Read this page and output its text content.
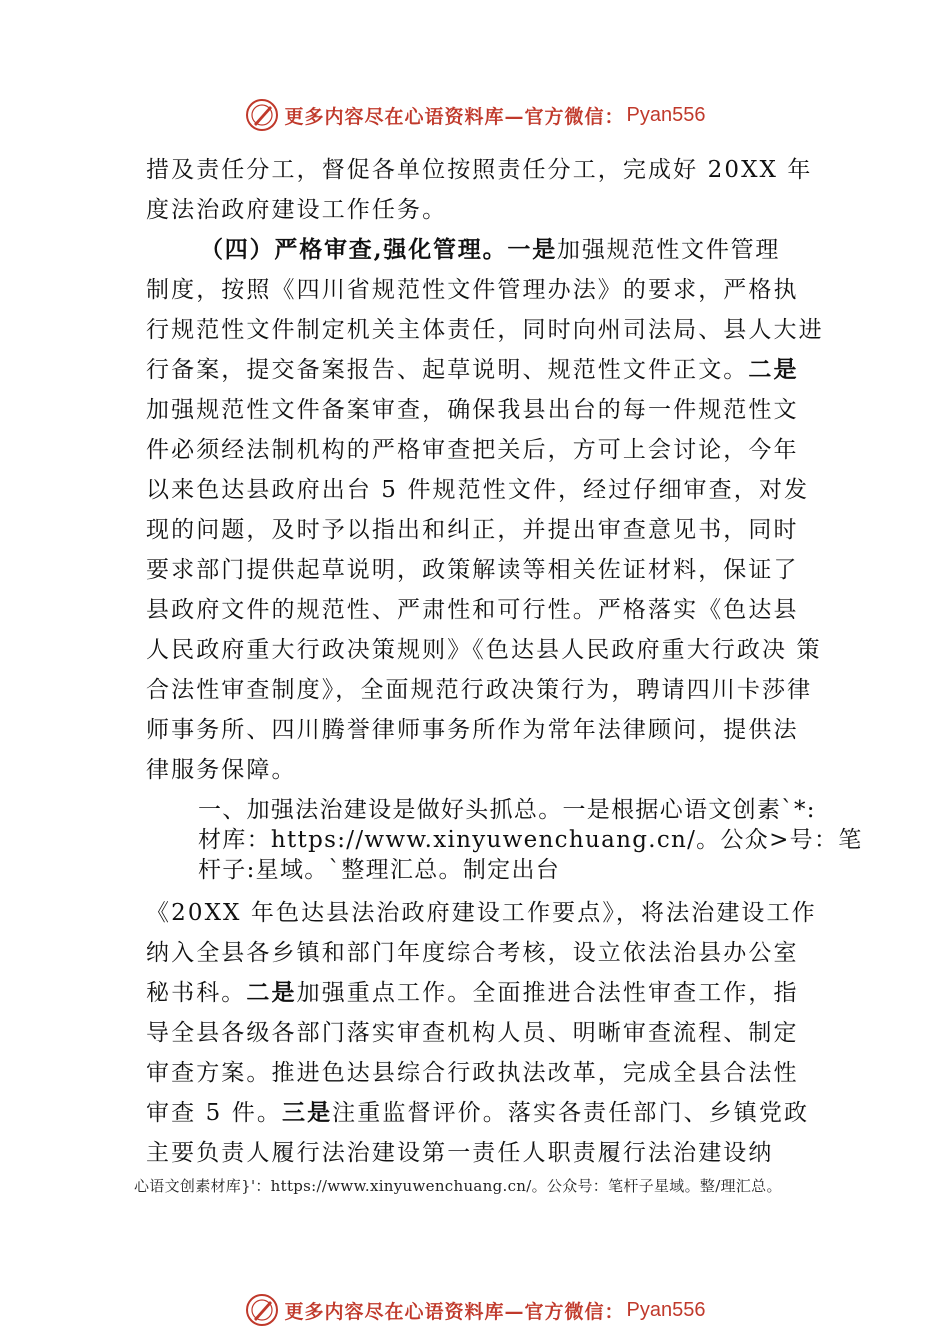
更多内容尽在心语资料库—官方微信： Pyan556
措及责任分工，督促各单位按照责任分工，完成好 20XX 年
度法治政府建设工作任务。
（四）严格审查,强化管理。一是加强规范性文件管理
制度，按照《四川省规范性文件管理办法》的要求，严格执
行规范性文件制定机关主体责任，同时向州司法局、县人大进
行备案，提交备案报告、起草说明、规范性文件正文。二是
加强规范性文件备案审查，确保我县出台的每一件规范性文
件必须经法制机构的严格审查把关后，方可上会讨论，今年
以来色达县政府出台 5 件规范性文件，经过仔细审查，对发
现的问题，及时予以指出和纠正，并提出审查意见书，同时
要求部门提供起草说明，政策解读等相关佐证材料，保证了
县政府文件的规范性、严肃性和可行性。严格落实《色达县
人民政府重大行政决策规则》《色达县人民政府重大行政决 策
合法性审查制度》，全面规范行政决策行为，聘请四川卡莎律
师事务所、四川腾誉律师事务所作为常年法律顾问，提供法
律服务保障。
一、加强法治建设是做好头抓总。一是根据心语文创素`*:
材库：https://www.xinyuwenchuang.cn/。公众>号：笔
杆子:星域。`整理汇总。制定出台
《20XX 年色达县法治政府建设工作要点》，将法治建设工作
纳入全县各乡镇和部门年度综合考核，设立依法治县办公室
秘书科。二是加强重点工作。全面推进合法性审查工作，指
导全县各级各部门落实审查机构人员、明晰审查流程、制定
审查方案。推进色达县综合行政执法改革，完成全县合法性
审查 5 件。三是注重监督评价。落实各责任部门、乡镇党政
主要负责人履行法治建设第一责任人职责履行法治建设纳
心语文创素材库}'：https://www.xinyuwenchuang.cn/。公众号：笔杆子星域。整/理汇总。
更多内容尽在心语资料库—官方微信： Pyan556
